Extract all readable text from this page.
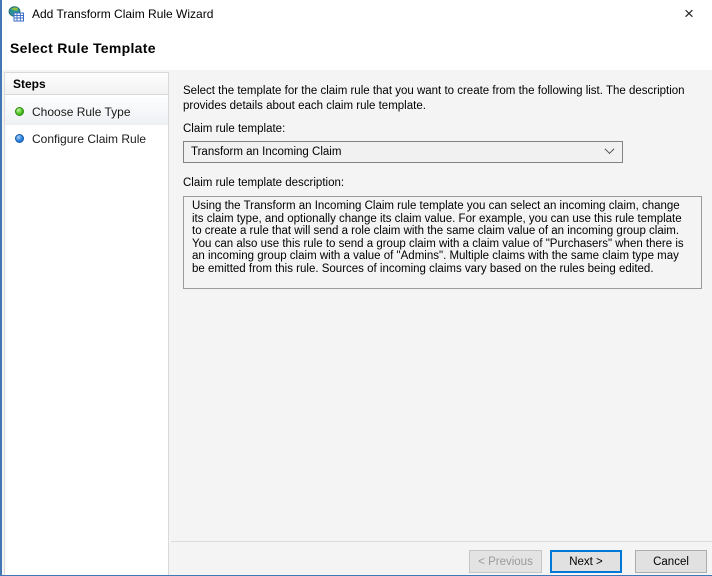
Add Transform Claim Rule Wizard	×
Select Rule Template
Steps
Choose Rule Type
Configure Claim Rule

Select the template for the claim rule that you want to create from the following list. The description provides details about each claim rule template.

Claim rule template:
Transform an Incoming Claim
Claim rule template description:

Using the Transform an Incoming Claim rule template you can select an incoming claim, change its claim type, and optionally change its claim value. For example, you can use this rule template to create a rule that will send a role claim with the same claim value of an incoming group claim. You can also use this rule to send a group claim with a claim value of "Purchasers" when there is an incoming group claim with a value of "Admins". Multiple claims with the same claim type may be emitted from this rule. Sources of incoming claims vary based on the rules being edited.

< Previous	Next >	Cancel
